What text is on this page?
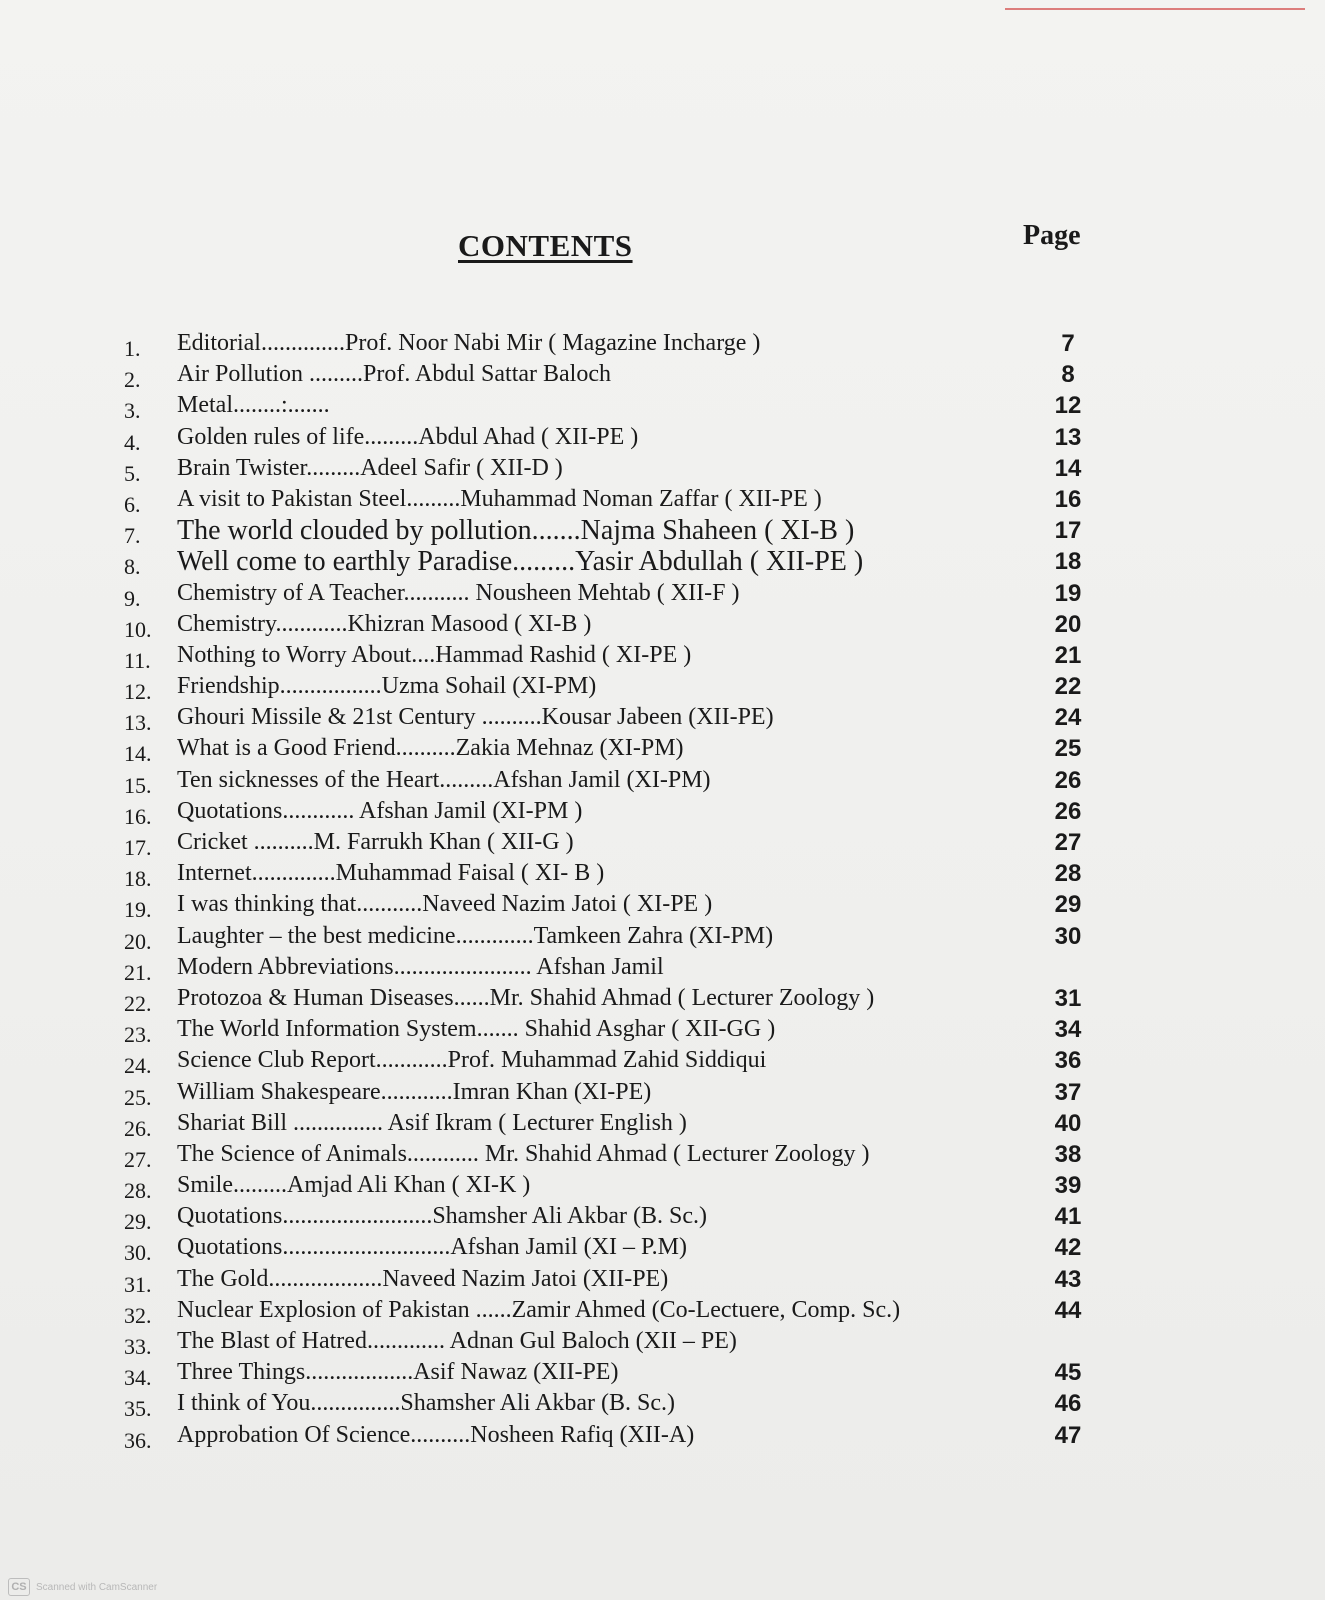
CONTENTS	Page
1. Editorial..............Prof. Noor Nabi Mir ( Magazine Incharge )	7
2. Air Pollution .........Prof. Abdul Sattar Baloch	8
3. Metal........:.......	12
4. Golden rules of life.........Abdul Ahad ( XII-PE )	13
5. Brain Twister.........Adeel Safir ( XII-D )	14
6. A visit to Pakistan Steel.........Muhammad Noman Zaffar ( XII-PE )	16
7. The world clouded by pollution.......Najma Shaheen ( XI-B )	17
8. Well come to earthly Paradise.........Yasir Abdullah ( XII-PE )	18
9. Chemistry of A Teacher........... Nousheen Mehtab ( XII-F )	19
10. Chemistry............Khizran Masood ( XI-B )	20
11. Nothing to Worry About....Hammad Rashid ( XI-PE )	21
12. Friendship.................Uzma Sohail (XI-PM)	22
13. Ghouri Missile & 21st Century ..........Kousar Jabeen (XII-PE)	24
14. What is a Good Friend..........Zakia Mehnaz (XI-PM)	25
15. Ten sicknesses of the Heart.........Afshan Jamil (XI-PM)	26
16. Quotations............ Afshan Jamil (XI-PM )	26
17. Cricket ..........M. Farrukh Khan ( XII-G )	27
18. Internet..............Muhammad Faisal ( XI- B )	28
19. I was thinking that...........Naveed Nazim Jatoi ( XI-PE )	29
20. Laughter – the best medicine.............Tamkeen Zahra (XI-PM)	30
21. Modern Abbreviations....................... Afshan Jamil
22. Protozoa & Human Diseases......Mr. Shahid Ahmad ( Lecturer Zoology )	31
23. The World Information System....... Shahid Asghar ( XII-GG )	34
24. Science Club Report............Prof. Muhammad Zahid Siddiqui	36
25. William Shakespeare............Imran Khan (XI-PE)	37
26. Shariat Bill ............... Asif Ikram ( Lecturer English )	40
27. The Science of Animals............ Mr. Shahid Ahmad ( Lecturer Zoology )	38
28. Smile.........Amjad Ali Khan ( XI-K )	39
29. Quotations.........................Shamsher Ali Akbar (B. Sc.)	41
30. Quotations............................Afshan Jamil (XI – P.M)	42
31. The Gold...................Naveed Nazim Jatoi (XII-PE)	43
32. Nuclear Explosion of Pakistan ......Zamir Ahmed (Co-Lectuere, Comp. Sc.)	44
33. The Blast of Hatred............. Adnan Gul Baloch (XII – PE)
34. Three Things..................Asif Nawaz (XII-PE)	45
35. I think of You...............Shamsher Ali Akbar (B. Sc.)	46
36. Approbation Of Science..........Nosheen Rafiq (XII-A)	47
CS Scanned with CamScanner
